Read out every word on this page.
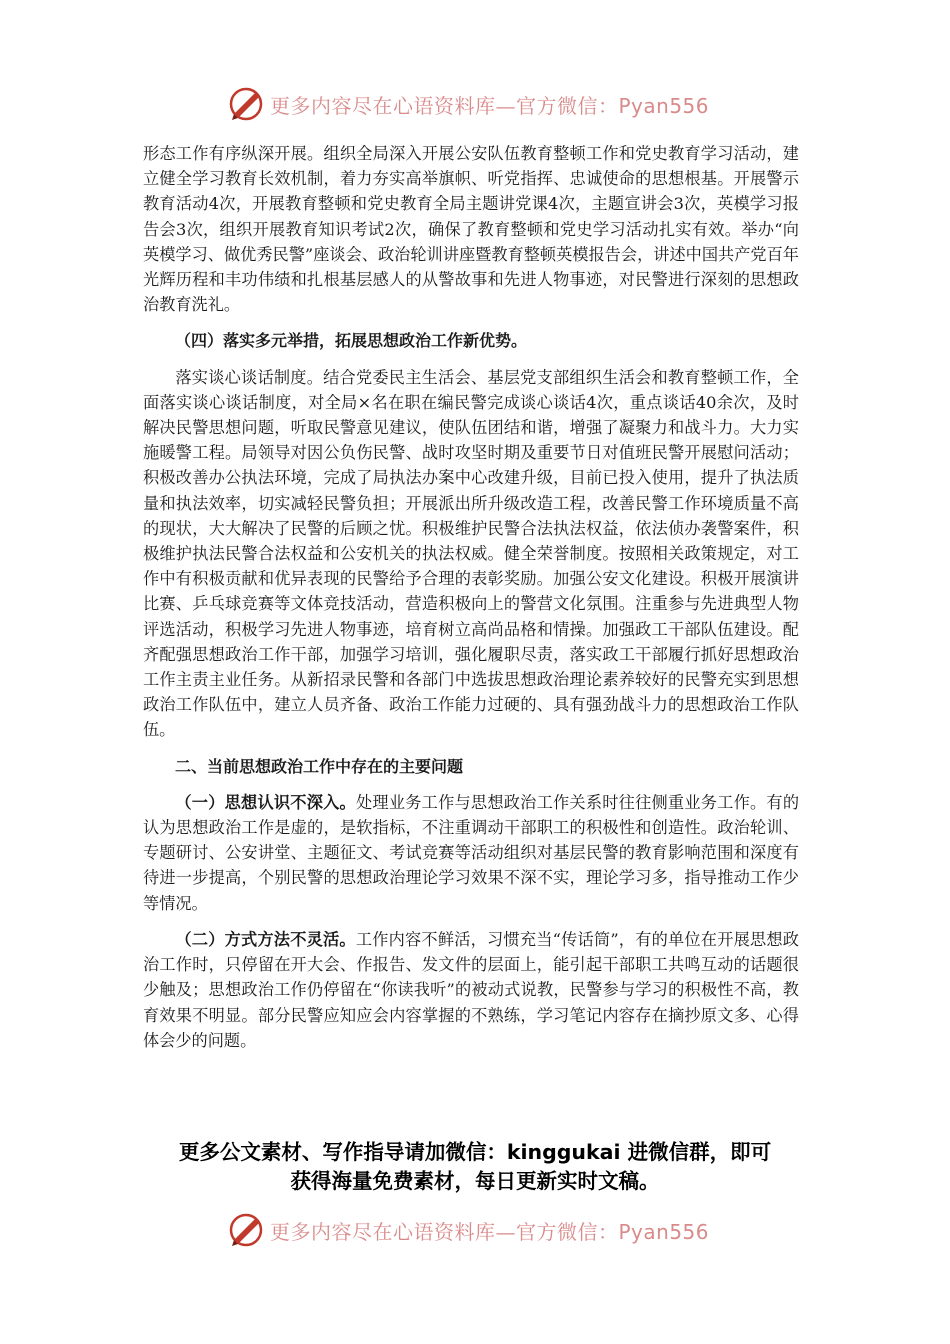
更多内容尽在心语资料库—官方微信：Pyan556

形态工作有序纵深开展。组织全局深入开展公安队伍教育整顿工作和党史教育学习活动，建立健全学习教育长效机制，着力夯实高举旗帜、听党指挥、忠诚使命的思想根基。开展警示教育活动4次，开展教育整顿和党史教育全局主题讲党课4次，主题宣讲会3次，英模学习报告会3次，组织开展教育知识考试2次，确保了教育整顿和党史学习活动扎实有效。举办“向英模学习、做优秀民警”座谈会、政治轮训讲座暨教育整顿英模报告会，讲述中国共产党百年光辉历程和丰功伟绩和扎根基层感人的从警故事和先进人物事迹，对民警进行深刻的思想政治教育洗礼。

（四）落实多元举措，拓展思想政治工作新优势。

落实谈心谈话制度。结合党委民主生活会、基层党支部组织生活会和教育整顿工作，全面落实谈心谈话制度，对全局×名在职在编民警完成谈心谈话4次，重点谈话40余次，及时解决民警思想问题，听取民警意见建议，使队伍团结和谐，增强了凝聚力和战斗力。大力实施暖警工程。局领导对因公负伤民警、战时攻坚时期及重要节日对值班民警开展慰问活动；积极改善办公执法环境，完成了局执法办案中心改建升级，目前已投入使用，提升了执法质量和执法效率，切实减轻民警负担；开展派出所升级改造工程，改善民警工作环境质量不高的现状，大大解决了民警的后顾之忧。积极维护民警合法执法权益，依法侦办袭警案件，积极维护执法民警合法权益和公安机关的执法权威。健全荣誉制度。按照相关政策规定，对工作中有积极贡献和优异表现的民警给予合理的表彰奖励。加强公安文化建设。积极开展演讲比赛、乒乓球竞赛等文体竞技活动，营造积极向上的警营文化氛围。注重参与先进典型人物评选活动，积极学习先进人物事迹，培育树立高尚品格和情操。加强政工干部队伍建设。配齐配强思想政治工作干部，加强学习培训，强化履职尽责，落实政工干部履行抓好思想政治工作主责主业任务。从新招录民警和各部门中选拔思想政治理论素养较好的民警充实到思想政治工作队伍中，建立人员齐备、政治工作能力过硬的、具有强劲战斗力的思想政治工作队伍。

二、当前思想政治工作中存在的主要问题

（一）思想认识不深入。处理业务工作与思想政治工作关系时往往侧重业务工作。有的认为思想政治工作是虚的，是软指标，不注重调动干部职工的积极性和创造性。政治轮训、专题研讨、公安讲堂、主题征文、考试竞赛等活动组织对基层民警的教育影响范围和深度有待进一步提高，个别民警的思想政治理论学习效果不深不实，理论学习多，指导推动工作少等情况。

（二）方式方法不灵活。工作内容不鲜活，习惯充当“传话筒”，有的单位在开展思想政治工作时，只停留在开大会、作报告、发文件的层面上，能引起干部职工共鸣互动的话题很少触及；思想政治工作仍停留在“你读我听”的被动式说教，民警参与学习的积极性不高，教育效果不明显。部分民警应知应会内容掌握的不熟练，学习笔记内容存在摘抄原文多、心得体会少的问题。

更多公文素材、写作指导请加微信：kinggukai 进微信群，即可
获得海量免费素材，每日更新实时文稿。
更多内容尽在心语资料库—官方微信：Pyan556
